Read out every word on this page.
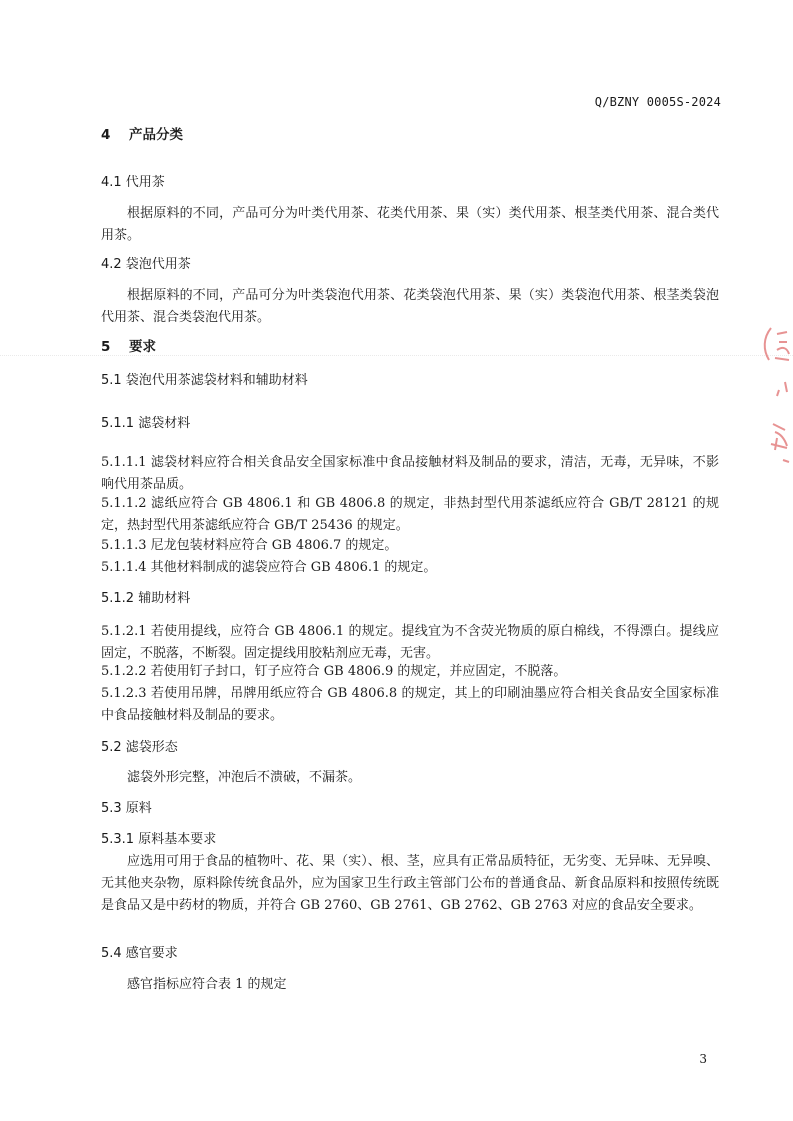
Q/BZNY 0005S-2024
4 产品分类
4.1 代用茶
根据原料的不同，产品可分为叶类代用茶、花类代用茶、果（实）类代用茶、根茎类代用茶、混合类代用茶。
4.2 袋泡代用茶
根据原料的不同，产品可分为叶类袋泡代用茶、花类袋泡代用茶、果（实）类袋泡代用茶、根茎类袋泡代用茶、混合类袋泡代用茶。
5 要求
5.1 袋泡代用茶滤袋材料和辅助材料
5.1.1 滤袋材料
5.1.1.1 滤袋材料应符合相关食品安全国家标准中食品接触材料及制品的要求，清洁，无毒，无异味，不影响代用茶品质。
5.1.1.2 滤纸应符合 GB 4806.1 和 GB 4806.8 的规定，非热封型代用茶滤纸应符合 GB/T 28121 的规定，热封型代用茶滤纸应符合 GB/T 25436 的规定。
5.1.1.3 尼龙包装材料应符合 GB 4806.7 的规定。
5.1.1.4 其他材料制成的滤袋应符合 GB 4806.1 的规定。
5.1.2 辅助材料
5.1.2.1 若使用提线，应符合 GB 4806.1 的规定。提线宜为不含荧光物质的原白棉线，不得漂白。提线应固定，不脱落，不断裂。固定提线用胶粘剂应无毒，无害。
5.1.2.2 若使用钉子封口，钉子应符合 GB 4806.9 的规定，并应固定，不脱落。
5.1.2.3 若使用吊牌，吊牌用纸应符合 GB 4806.8 的规定，其上的印刷油墨应符合相关食品安全国家标准中食品接触材料及制品的要求。
5.2 滤袋形态
滤袋外形完整，冲泡后不溃破，不漏茶。
5.3 原料
5.3.1 原料基本要求
应选用可用于食品的植物叶、花、果（实）、根、茎，应具有正常品质特征，无劣变、无异味、无异嗅、无其他夹杂物，原料除传统食品外，应为国家卫生行政主管部门公布的普通食品、新食品原料和按照传统既是食品又是中药材的物质，并符合 GB 2760、GB 2761、GB 2762、GB 2763 对应的食品安全要求。
5.4 感官要求
感官指标应符合表 1 的规定
3
